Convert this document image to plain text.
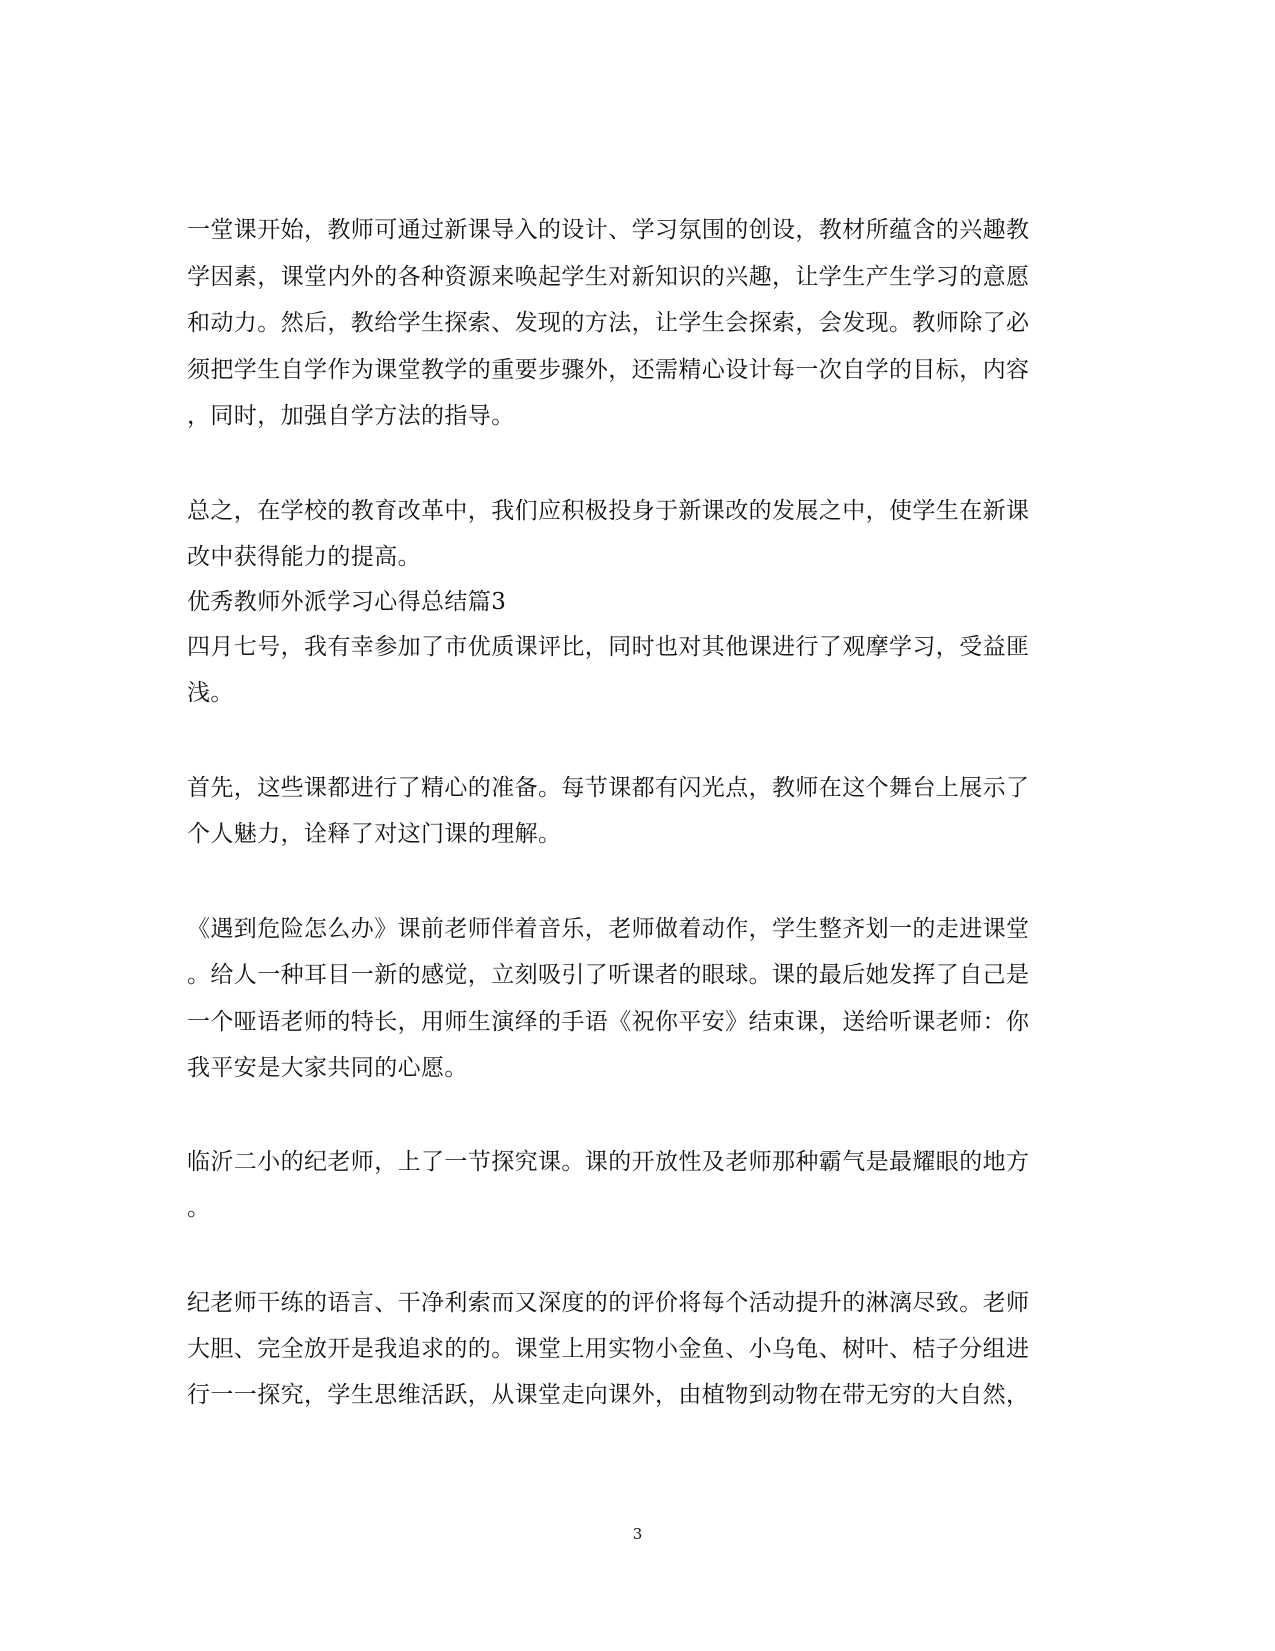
一堂课开始，教师可通过新课导入的设计、学习氛围的创设，教材所蕴含的兴趣教
学因素，课堂内外的各种资源来唤起学生对新知识的兴趣，让学生产生学习的意愿
和动力。然后，教给学生探索、发现的方法，让学生会探索，会发现。教师除了必
须把学生自学作为课堂教学的重要步骤外，还需精心设计每一次自学的目标，内容
，同时，加强自学方法的指导。
总之，在学校的教育改革中，我们应积极投身于新课改的发展之中，使学生在新课
改中获得能力的提高。
优秀教师外派学习心得总结篇3
四月七号，我有幸参加了市优质课评比，同时也对其他课进行了观摩学习，受益匪
浅。
首先，这些课都进行了精心的准备。每节课都有闪光点，教师在这个舞台上展示了
个人魅力，诠释了对这门课的理解。
《遇到危险怎么办》课前老师伴着音乐，老师做着动作，学生整齐划一的走进课堂
。给人一种耳目一新的感觉，立刻吸引了听课者的眼球。课的最后她发挥了自己是
一个哑语老师的特长，用师生演绎的手语《祝你平安》结束课，送给听课老师：你
我平安是大家共同的心愿。
临沂二小的纪老师，上了一节探究课。课的开放性及老师那种霸气是最耀眼的地方
。
纪老师干练的语言、干净利索而又深度的的评价将每个活动提升的淋漓尽致。老师
大胆、完全放开是我追求的的。课堂上用实物小金鱼、小乌龟、树叶、桔子分组进
行一一探究，学生思维活跃，从课堂走向课外，由植物到动物在带无穷的大自然，
3
